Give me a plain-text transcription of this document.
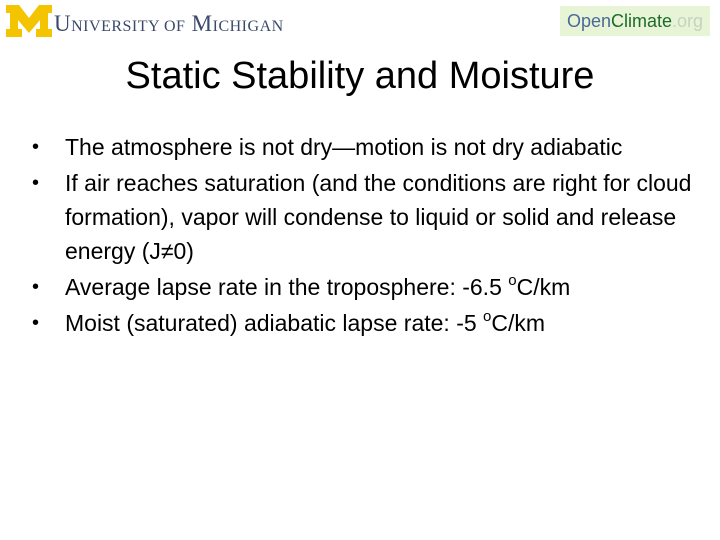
UNIVERSITY OF MICHIGAN	Open Climate .org
Static Stability and Moisture
• The atmosphere is not dry—motion is not dry adiabatic
• If air reaches saturation (and the conditions are right for cloud formation), vapor will condense to liquid or solid and release energy (J≠0)
• Average lapse rate in the troposphere: -6.5 $^o$C/km
• Moist (saturated) adiabatic lapse rate: -5 $^o$C/km
